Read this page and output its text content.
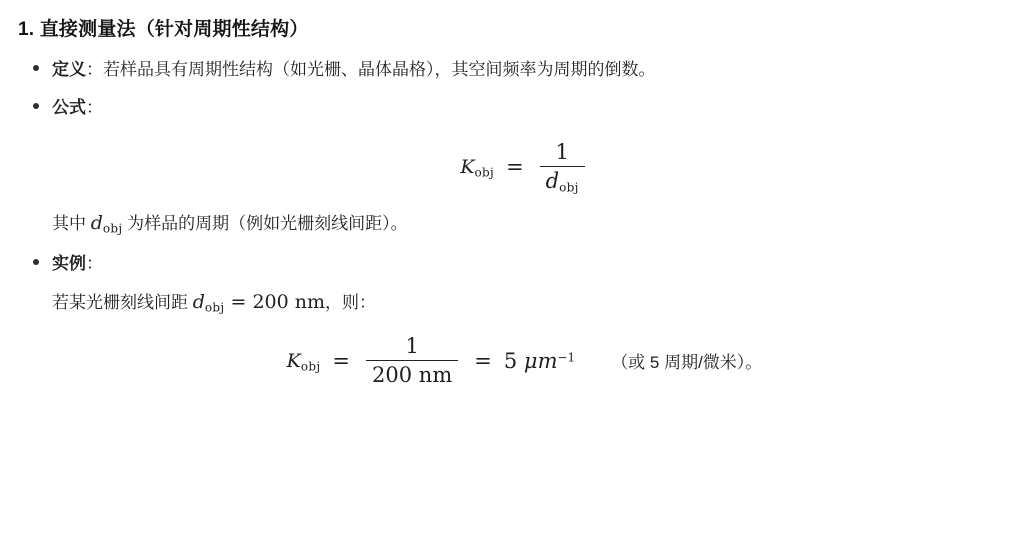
1. 直接测量法（针对周期性结构）
定义：若样品具有周期性结构（如光栅、晶体晶格），其空间频率为周期的倒数。
公式：
$K_{obj} = \frac{1}{d_{obj}}$
其中 $d_{obj}$ 为样品的周期（例如光栅刻线间距）。
实例：
若某光栅刻线间距 $d_{obj} = 200$ nm，则：
$K_{obj} = \frac{1}{200 nm} = 5$ $\mu m^{-1}$ （或 5 周期/微米）。
